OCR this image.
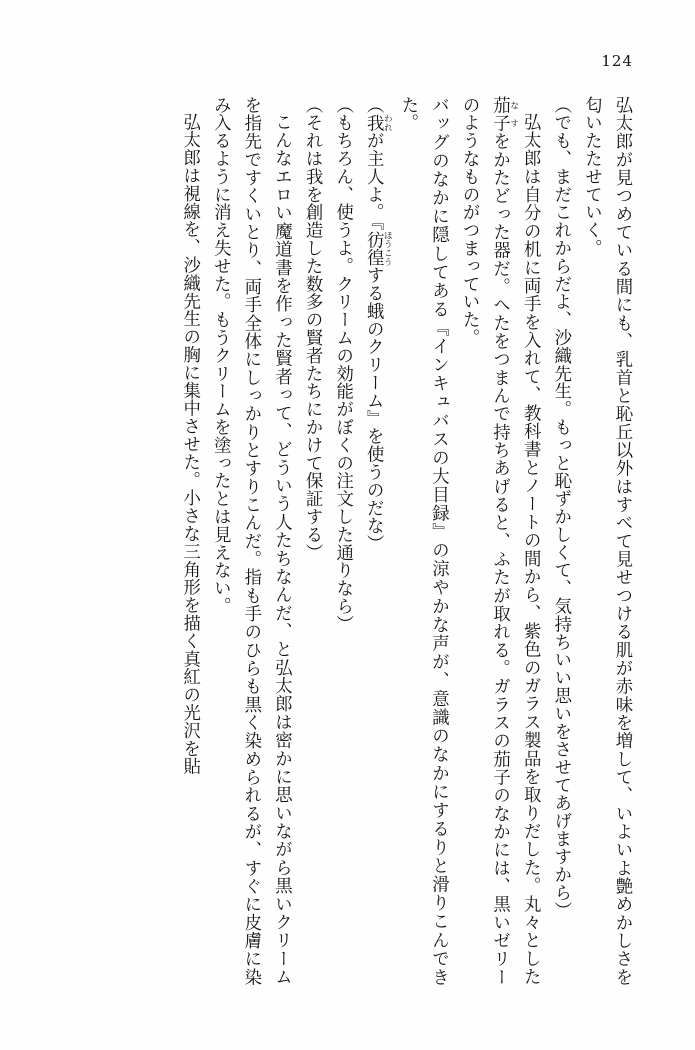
124

弘太郎が見つめている間にも、乳首と恥丘以外はすべて見せつける肌が赤味を増して、いよいよ艶めかしさを匂いたたせていく。

（でも、まだこれからだよ、沙織先生。もっと恥ずかしくて、気持ちいい思いをさせてあげますから）

弘太郎は自分の机に両手を入れて、教科書とノートの間から、紫色のガラス製品を取りだした。丸々とした茄子 なすをかたどった器だ。へたをつまんで持ちあげると、ふたが取れる。ガラスの茄子のなかには、黒いゼリーのようなものがつまっていた。

バッグのなかに隠してある『インキュバスの大目録』の涼やかな声が、意識のなかにするりと滑りこんできた。

（我 われが主人よ。『彷徨 ほうこうする蛾のクリーム』を使うのだな）

（もちろん、使うよ。クリームの効能がぼくの注文した通りなら）

（それは我を創造した数多の賢者たちにかけて保証する）

こんなエロい魔道書を作った賢者って、どういう人たちなんだ、と弘太郎は密かに思いながら黒いクリームを指先ですくいとり、両手全体にしっかりとすりこんだ。指も手のひらも黒く染められるが、すぐに皮膚に染み入るように消え失せた。もうクリームを塗ったとは見えない。

弘太郎は視線を、沙織先生の胸に集中させた。小さな三角形を描く真紅の光沢を貼
